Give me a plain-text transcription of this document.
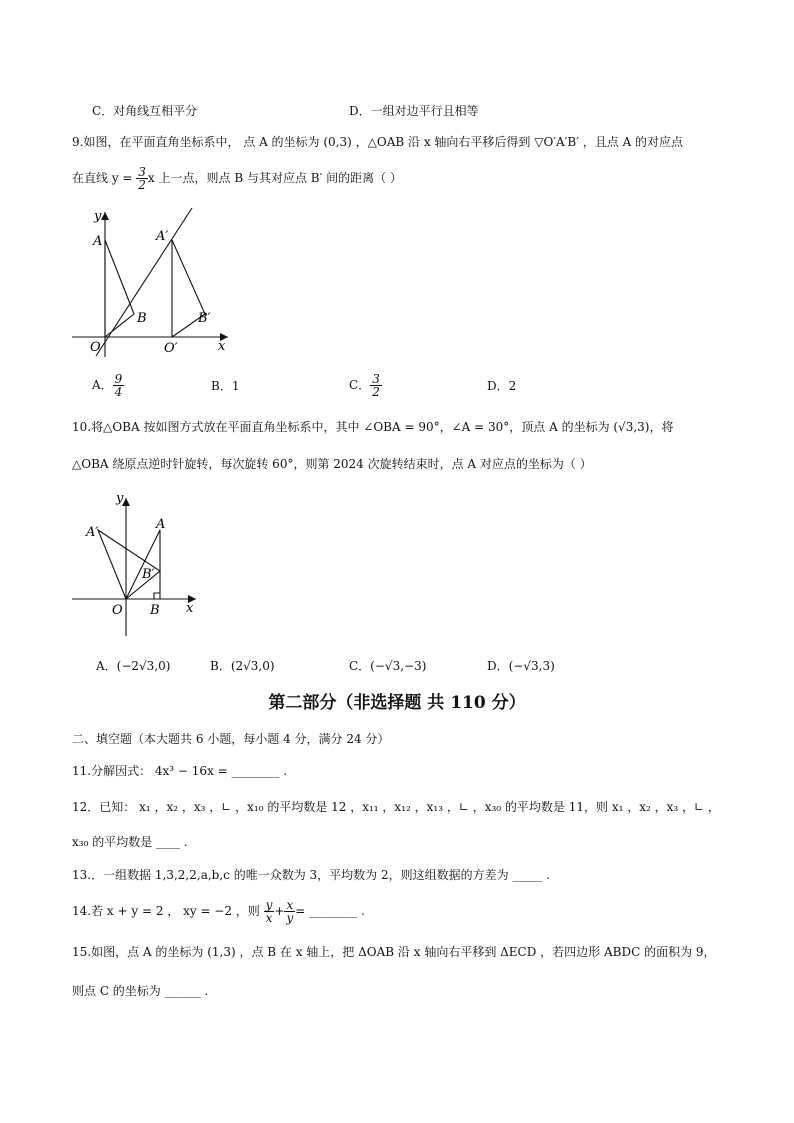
C．对角线互相平分	D．一组对边平行且相等
9.如图，在平面直角坐标系中， 点 A 的坐标为 (0,3) ，△OAB 沿 x 轴向右平移后得到 ▽O′A′B′ ，且点 A 的对应点
在直线 $y = \frac{3}{2}$ x 上一点，则点 B 与其对应点 B′ 间的距离（ ）
y
x
A	A′
B	B′
O	O′
A． $\frac{9}{4}$	B．1	C． $\frac{3}{2}$	D．2
10.将△OBA 按如图方式放在平面直角坐标系中，其中 ∠OBA = 90°，∠A = 30°，顶点 A 的坐标为 (√3,3)，将
△OBA 绕原点逆时针旋转，每次旋转 60°，则第 2024 次旋转结束时，点 A 对应点的坐标为（ ）
y
x
A
A′
B′
B
O
A．(−2√3,0)	B．(2√3,0)	C．(−√3,−3)	D．(−√3,3)
第二部分（非选择题 共 110 分）
二、填空题（本大题共 6 小题，每小题 4 分，满分 24 分）
11.分解因式： 4x³ − 16x = ________ .
12．已知： x₁ ，x₂ ，x₃ ，∟ ，x₁₀ 的平均数是 12 ，x₁₁ ，x₁₂ ，x₁₃ ，∟ ，x₃₀ 的平均数是 11，则 x₁ ，x₂ ，x₃ ，∟ ，
x₃₀ 的平均数是 ____ .
13.．一组数据 1,3,2,2,a,b,c 的唯一众数为 3，平均数为 2，则这组数据的方差为 _____ .
14.若 x + y = 2 ， xy = −2 ，则 $\frac{y}{x} + \frac{x}{y}$ = ________ .
15.如图，点 A 的坐标为 (1,3) ，点 B 在 x 轴上，把 ΔOAB 沿 x 轴向右平移到 ΔECD ，若四边形 ABDC 的面积为 9，
则点 C 的坐标为 ______ .
